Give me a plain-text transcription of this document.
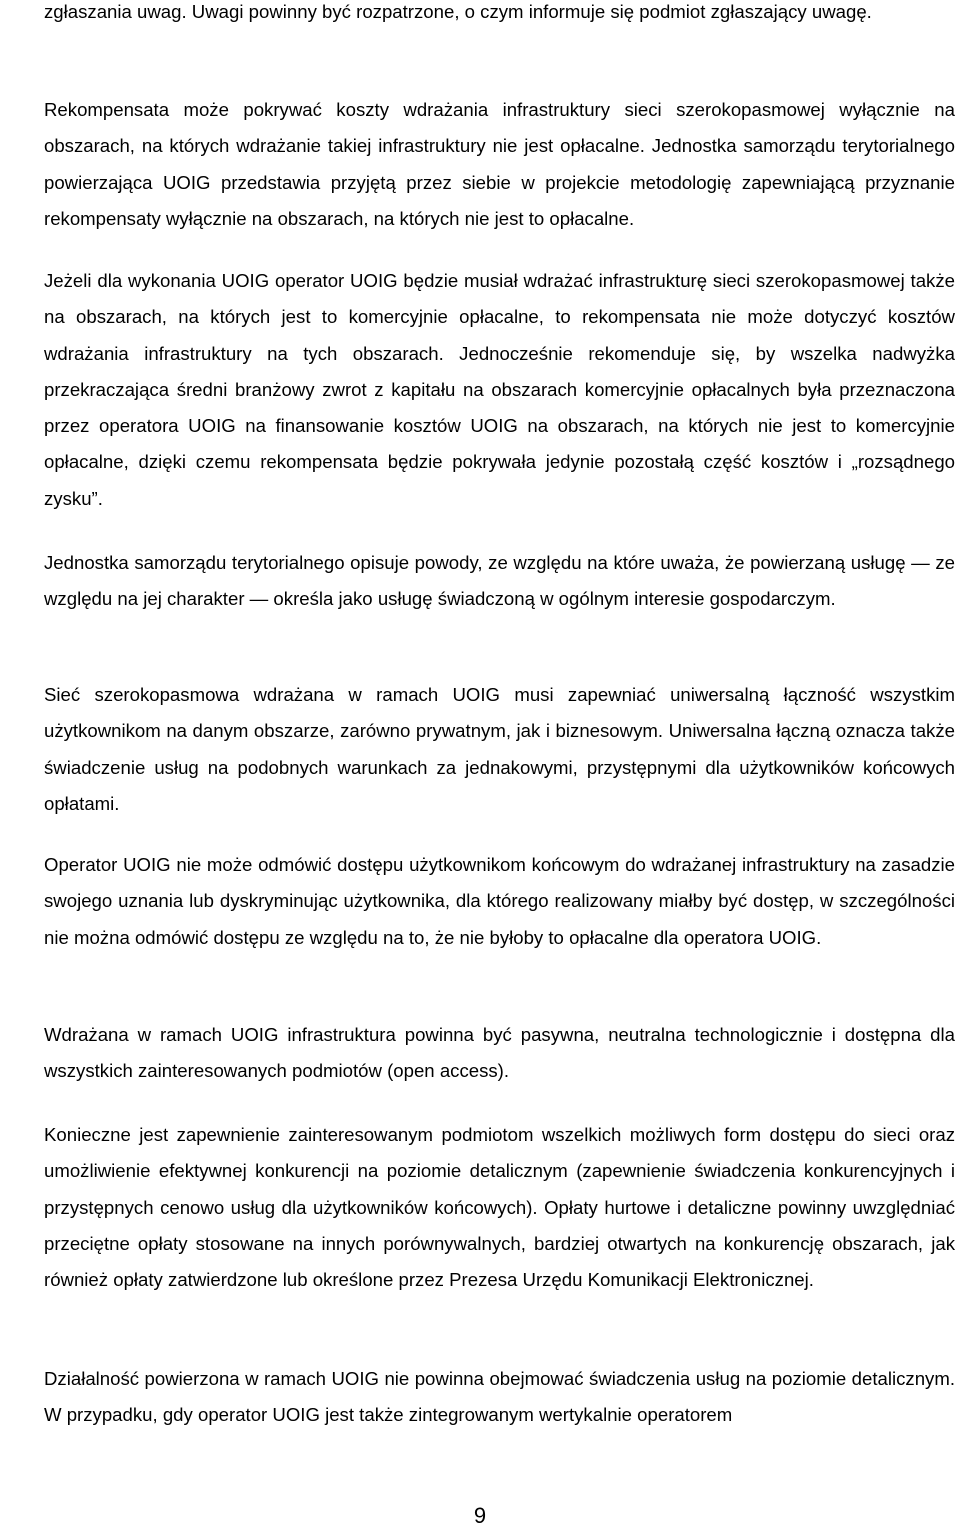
zgłaszania uwag. Uwagi powinny być rozpatrzone, o czym informuje się podmiot zgłaszający uwagę.
Rekompensata może pokrywać koszty wdrażania infrastruktury sieci szerokopasmowej wyłącznie na obszarach, na których wdrażanie takiej infrastruktury nie jest opłacalne. Jednostka samorządu terytorialnego powierzająca UOIG przedstawia przyjętą przez siebie w projekcie metodologię zapewniającą przyznanie rekompensaty wyłącznie na obszarach, na których nie jest to opłacalne.
Jeżeli dla wykonania UOIG operator UOIG będzie musiał wdrażać infrastrukturę sieci szerokopasmowej także na obszarach, na których jest to komercyjnie opłacalne, to rekompensata nie może dotyczyć kosztów wdrażania infrastruktury na tych obszarach. Jednocześnie rekomenduje się, by wszelka nadwyżka przekraczająca średni branżowy zwrot z kapitału na obszarach komercyjnie opłacalnych była przeznaczona przez operatora UOIG na finansowanie kosztów UOIG na obszarach, na których nie jest to komercyjnie opłacalne, dzięki czemu rekompensata będzie pokrywała jedynie pozostałą część kosztów i „rozsądnego zysku”.
Jednostka samorządu terytorialnego opisuje powody, ze względu na które uważa, że powierzaną usługę — ze względu na jej charakter — określa jako usługę świadczoną w ogólnym interesie gospodarczym.
Sieć szerokopasmowa wdrażana w ramach UOIG musi zapewniać uniwersalną łączność wszystkim użytkownikom na danym obszarze, zarówno prywatnym, jak i biznesowym. Uniwersalna łączną oznacza także świadczenie usług na podobnych warunkach za jednakowymi, przystępnymi dla użytkowników końcowych opłatami.
Operator UOIG nie może odmówić dostępu użytkownikom końcowym do wdrażanej infrastruktury na zasadzie swojego uznania lub dyskryminując użytkownika, dla którego realizowany miałby być dostęp, w szczególności nie można odmówić dostępu ze względu na to, że nie byłoby to opłacalne dla operatora UOIG.
Wdrażana w ramach UOIG infrastruktura powinna być pasywna, neutralna technologicznie i dostępna dla wszystkich zainteresowanych podmiotów (open access).
Konieczne jest zapewnienie zainteresowanym podmiotom wszelkich możliwych form dostępu do sieci oraz umożliwienie efektywnej konkurencji na poziomie detalicznym (zapewnienie świadczenia konkurencyjnych i przystępnych cenowo usług dla użytkowników końcowych). Opłaty hurtowe i detaliczne powinny uwzględniać przeciętne opłaty stosowane na innych porównywalnych, bardziej otwartych na konkurencję obszarach, jak również opłaty zatwierdzone lub określone przez Prezesa Urzędu Komunikacji Elektronicznej.
Działalność powierzona w ramach UOIG nie powinna obejmować świadczenia usług na poziomie detalicznym. W przypadku, gdy operator UOIG jest także zintegrowanym wertykalnie operatorem
9
